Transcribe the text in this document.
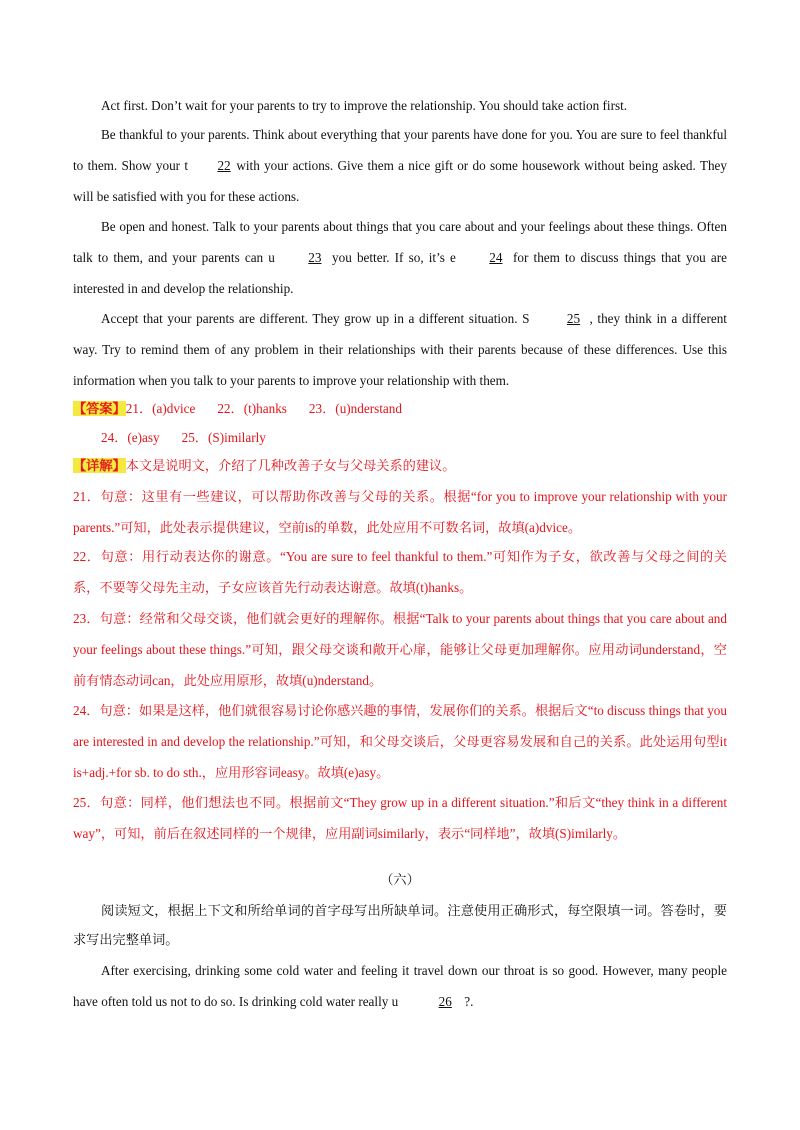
Act first. Don’t wait for your parents to try to improve the relationship. You should take action first.

Be thankful to your parents. Think about everything that your parents have done for you. You are sure to feel thankful to them. Show your t 22 with your actions. Give them a nice gift or do some housework without being asked. They will be satisfied with you for these actions.

Be open and honest. Talk to your parents about things that you care about and your feelings about these things. Often talk to them, and your parents can u	23 you better. If so, it’s e	24 for them to discuss things that you are interested in and develop the relationship.

Accept that your parents are different. They grow up in a different situation. S	25 , they think in a different way. Try to remind them of any problem in their relationships with their parents because of these differences. Use this information when you talk to your parents to improve your relationship with them.

【答案】21．(a)dvice 22．(t)hanks 23．(u)nderstand
24．(e)asy 25．(S)imilarly

【详解】本文是说明文，介绍了几种改善子女与父母关系的建议。

21．句意：这里有一些建议，可以帮助你改善与父母的关系。根据“for you to improve your relationship with your parents.”可知，此处表示提供建议，空前is的单数，此处应用不可数名词，故填(a)dvice。

22．句意：用行动表达你的谢意。“You are sure to feel thankful to them.”可知作为子女，欲改善与父母之间的关系，不要等父母先主动，子女应该首先行动表达谢意。故填(t)hanks。

23．句意：经常和父母交谈，他们就会更好的理解你。根据“Talk to your parents about things that you care about and your feelings about these things.”可知，跟父母交谈和敞开心扉，能够让父母更加理解你。应用动词understand，空前有情态动词can，此处应用原形，故填(u)nderstand。

24．句意：如果是这样，他们就很容易讨论你感兴趣的事情，发展你们的关系。根据后文“to discuss things that you are interested in and develop the relationship.”可知，和父母交谈后，父母更容易发展和自己的关系。此处运用句型it is+adj.+for sb. to do sth.，应用形容词easy。故填(e)asy。

25．句意：同样，他们想法也不同。根据前文“They grow up in a different situation.”和后文“they think in a different way”，可知，前后在叙述同样的一个规律，应用副词similarly，表示“同样地”，故填(S)imilarly。

（六）

阅读短文，根据上下文和所给单词的首字母写出所缺单词。注意使用正确形式，每空限填一词。答卷时，要求写出完整单词。

After exercising, drinking some cold water and feeling it travel down our throat is so good. However, many people have often told us not to do so. Is drinking cold water really u	26 ?.
